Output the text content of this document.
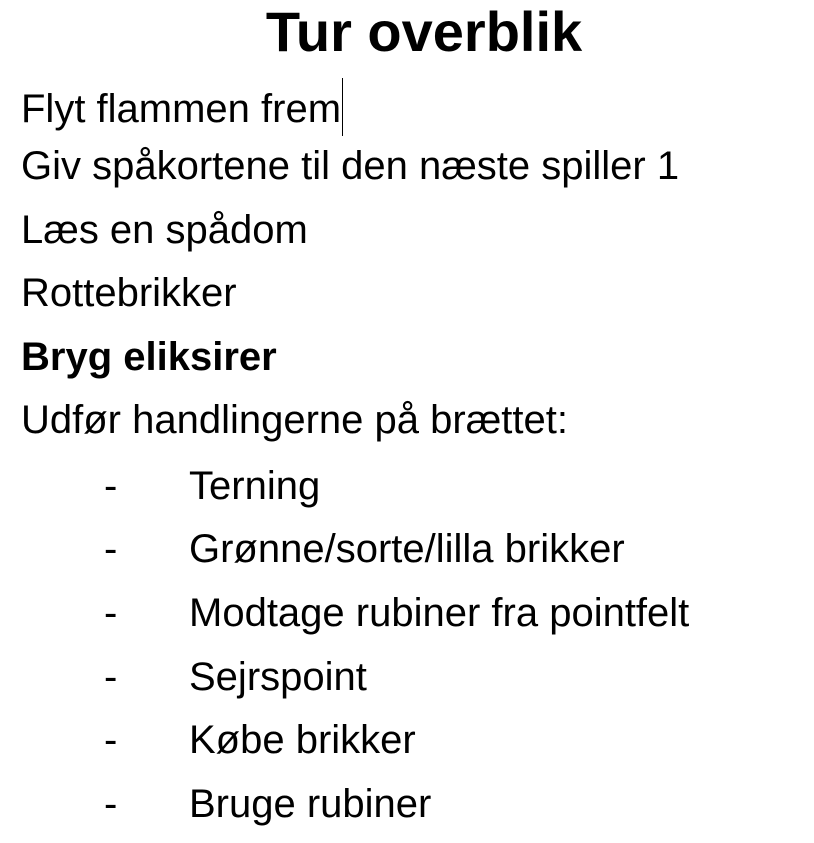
Tur overblik

Flyt flammen frem

Giv spåkortene til den næste spiller 1

Læs en spådom

Rottebrikker

Bryg eliksirer

Udfør handlingerne på brættet:

- Terning
- Grønne/sorte/lilla brikker
- Modtage rubiner fra pointfelt
- Sejrspoint
- Købe brikker
- Bruge rubiner
